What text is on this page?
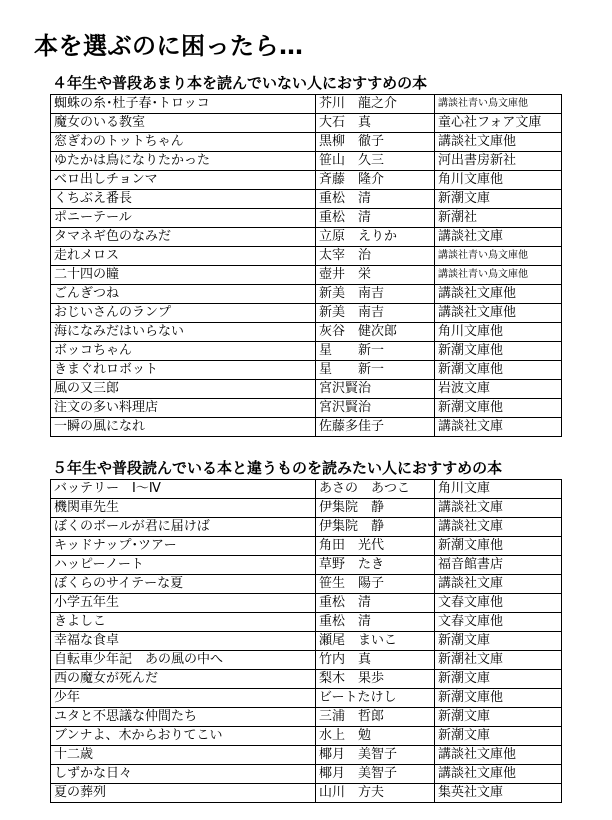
本を選ぶのに困ったら…
４年生や普段あまり本を読んでいない人におすすめの本
蜘蛛の糸･杜子春･トロッコ	芥川　龍之介	講談社青い鳥文庫他
魔女のいる教室	大石　真	童心社フォア文庫
窓ぎわのトットちゃん	黒柳　徹子	講談社文庫他
ゆたかは鳥になりたかった	笹山　久三	河出書房新社
ベロ出しチョンマ	斉藤　隆介	角川文庫他
くちぶえ番長	重松　清	新潮文庫
ポニーテール	重松　清	新潮社
タマネギ色のなみだ	立原　えりか	講談社文庫
走れメロス	太宰　治	講談社青い鳥文庫他
二十四の瞳	壺井　栄	講談社青い鳥文庫他
ごんぎつね	新美　南吉	講談社文庫他
おじいさんのランプ	新美　南吉	講談社文庫他
海になみだはいらない	灰谷　健次郎	角川文庫他
ボッコちゃん	星　　新一	新潮文庫他
きまぐれロボット	星　　新一	新潮文庫他
風の又三郎	宮沢賢治	岩波文庫
注文の多い料理店	宮沢賢治	新潮文庫他
一瞬の風になれ	佐藤多佳子	講談社文庫
５年生や普段読んでいる本と違うものを読みたい人におすすめの本
バッテリー　Ⅰ～Ⅳ	あさの　あつこ	角川文庫
機関車先生	伊集院　静	講談社文庫
ぼくのボールが君に届けば	伊集院　静	講談社文庫
キッドナップ･ツアー	角田　光代	新潮文庫他
ハッピーノート	草野　たき	福音館書店
ぼくらのサイテーな夏	笹生　陽子	講談社文庫
小学五年生	重松　清	文春文庫他
きよしこ	重松　清	文春文庫他
幸福な食卓	瀬尾　まいこ	新潮文庫
自転車少年記　あの風の中へ	竹内　真	新潮社文庫
西の魔女が死んだ	梨木　果歩	新潮文庫
少年	ビートたけし	新潮文庫他
ユタと不思議な仲間たち	三浦　哲郎	新潮文庫
ブンナよ、木からおりてこい	水上　勉	新潮文庫
十二歳	椰月　美智子	講談社文庫他
しずかな日々	椰月　美智子	講談社文庫他
夏の葬列	山川　方夫	集英社文庫
